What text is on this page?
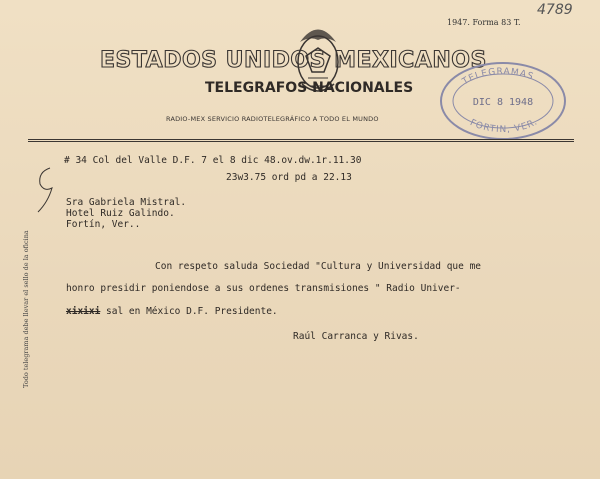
4789
1947. Forma 83 T.
ESTADOS UNIDOS MEXICANOS
TELEGRAFOS NACIONALES
RADIO-MEX SERVICIO RADIOTELEGRÁFICO A TODO EL MUNDO
TELEGRAMAS
FORTIN, VER.
DIC 8 1948
Todo telegrama debe llevar el sello de la oficina
# 34 Col del Valle D.F. 7 el 8 dic 48.ov.dw.1r.11.30
23w3.75 ord pd a 22.13
Sra Gabriela Mistral.
Hotel Ruiz Galindo.
Fortín, Ver..
Con respeto saluda Sociedad "Cultura y Universidad que me
honro presidir poniendose a sus ordenes transmisiones " Radio Univer-
xixixi sal en México D.F. Presidente.
Raúl Carranca y Rivas.
